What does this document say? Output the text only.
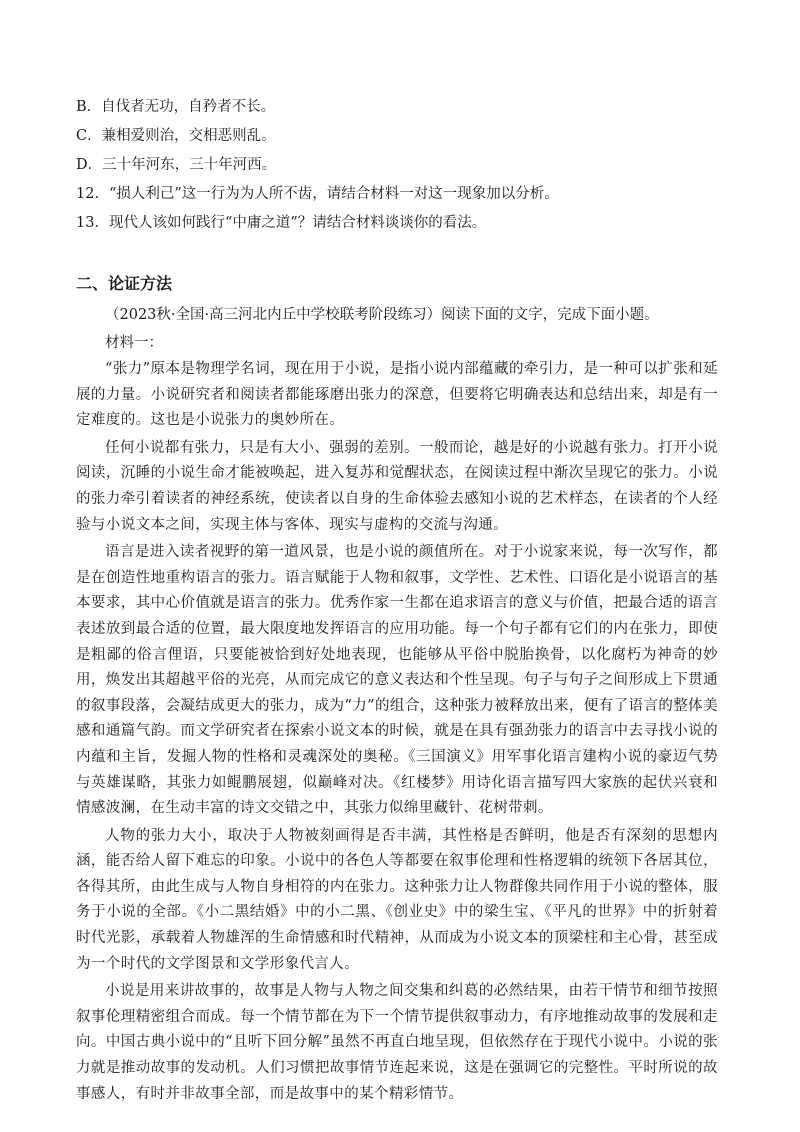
B．自伐者无功，自矜者不长。
C．兼相爱则治，交相恶则乱。
D．三十年河东，三十年河西。
12．“损人利己”这一行为为人所不齿，请结合材料一对这一现象加以分析。
13．现代人该如何践行“中庸之道”？请结合材料谈谈你的看法。
二、论证方法

（2023秋·全国·高三河北内丘中学校联考阶段练习）阅读下面的文字，完成下面小题。

材料一：

“张力”原本是物理学名词，现在用于小说，是指小说内部蕴藏的牵引力，是一种可以扩张和延展的力量。小说研究者和阅读者都能琢磨出张力的深意，但要将它明确表达和总结出来，却是有一定难度的。这也是小说张力的奥妙所在。

任何小说都有张力，只是有大小、强弱的差别。一般而论，越是好的小说越有张力。打开小说阅读，沉睡的小说生命才能被唤起，进入复苏和觉醒状态，在阅读过程中渐次呈现它的张力。小说的张力牵引着读者的神经系统，使读者以自身的生命体验去感知小说的艺术样态，在读者的个人经验与小说文本之间，实现主体与客体、现实与虚构的交流与沟通。

语言是进入读者视野的第一道风景，也是小说的颜值所在。对于小说家来说，每一次写作，都是在创造性地重构语言的张力。语言赋能于人物和叙事，文学性、艺术性、口语化是小说语言的基本要求，其中心价值就是语言的张力。优秀作家一生都在追求语言的意义与价值，把最合适的语言表述放到最合适的位置，最大限度地发挥语言的应用功能。每一个句子都有它们的内在张力，即使是粗鄙的俗言俚语，只要能被恰到好处地表现，也能够从平俗中脱胎换骨，以化腐朽为神奇的妙用，焕发出其超越平俗的光亮，从而完成它的意义表达和个性呈现。句子与句子之间形成上下贯通的叙事段落，会凝结成更大的张力，成为“力”的组合，这种张力被释放出来，便有了语言的整体美感和通篇气韵。而文学研究者在探索小说文本的时候，就是在具有强劲张力的语言中去寻找小说的内蕴和主旨，发掘人物的性格和灵魂深处的奥秘。《三国演义》用军事化语言建构小说的豪迈气势与英雄谋略，其张力如鲲鹏展翅，似巅峰对决。《红楼梦》用诗化语言描写四大家族的起伏兴衰和情感波澜，在生动丰富的诗文交错之中，其张力似绵里藏针、花树带刺。

人物的张力大小，取决于人物被刻画得是否丰满，其性格是否鲜明，他是否有深刻的思想内涵，能否给人留下难忘的印象。小说中的各色人等都要在叙事伦理和性格逻辑的统领下各居其位，各得其所，由此生成与人物自身相符的内在张力。这种张力让人物群像共同作用于小说的整体，服务于小说的全部。《小二黑结婚》中的小二黑、《创业史》中的梁生宝、《平凡的世界》中的折射着时代光影，承载着人物雄浑的生命情感和时代精神，从而成为小说文本的顶梁柱和主心骨，甚至成为一个时代的文学图景和文学形象代言人。

小说是用来讲故事的，故事是人物与人物之间交集和纠葛的必然结果，由若干情节和细节按照叙事伦理精密组合而成。每一个情节都在为下一个情节提供叙事动力，有序地推动故事的发展和走向。中国古典小说中的“且听下回分解”虽然不再直白地呈现，但依然存在于现代小说中。小说的张力就是推动故事的发动机。人们习惯把故事情节连起来说，这是在强调它的完整性。平时所说的故事感人，有时并非故事全部，而是故事中的某个精彩情节。
